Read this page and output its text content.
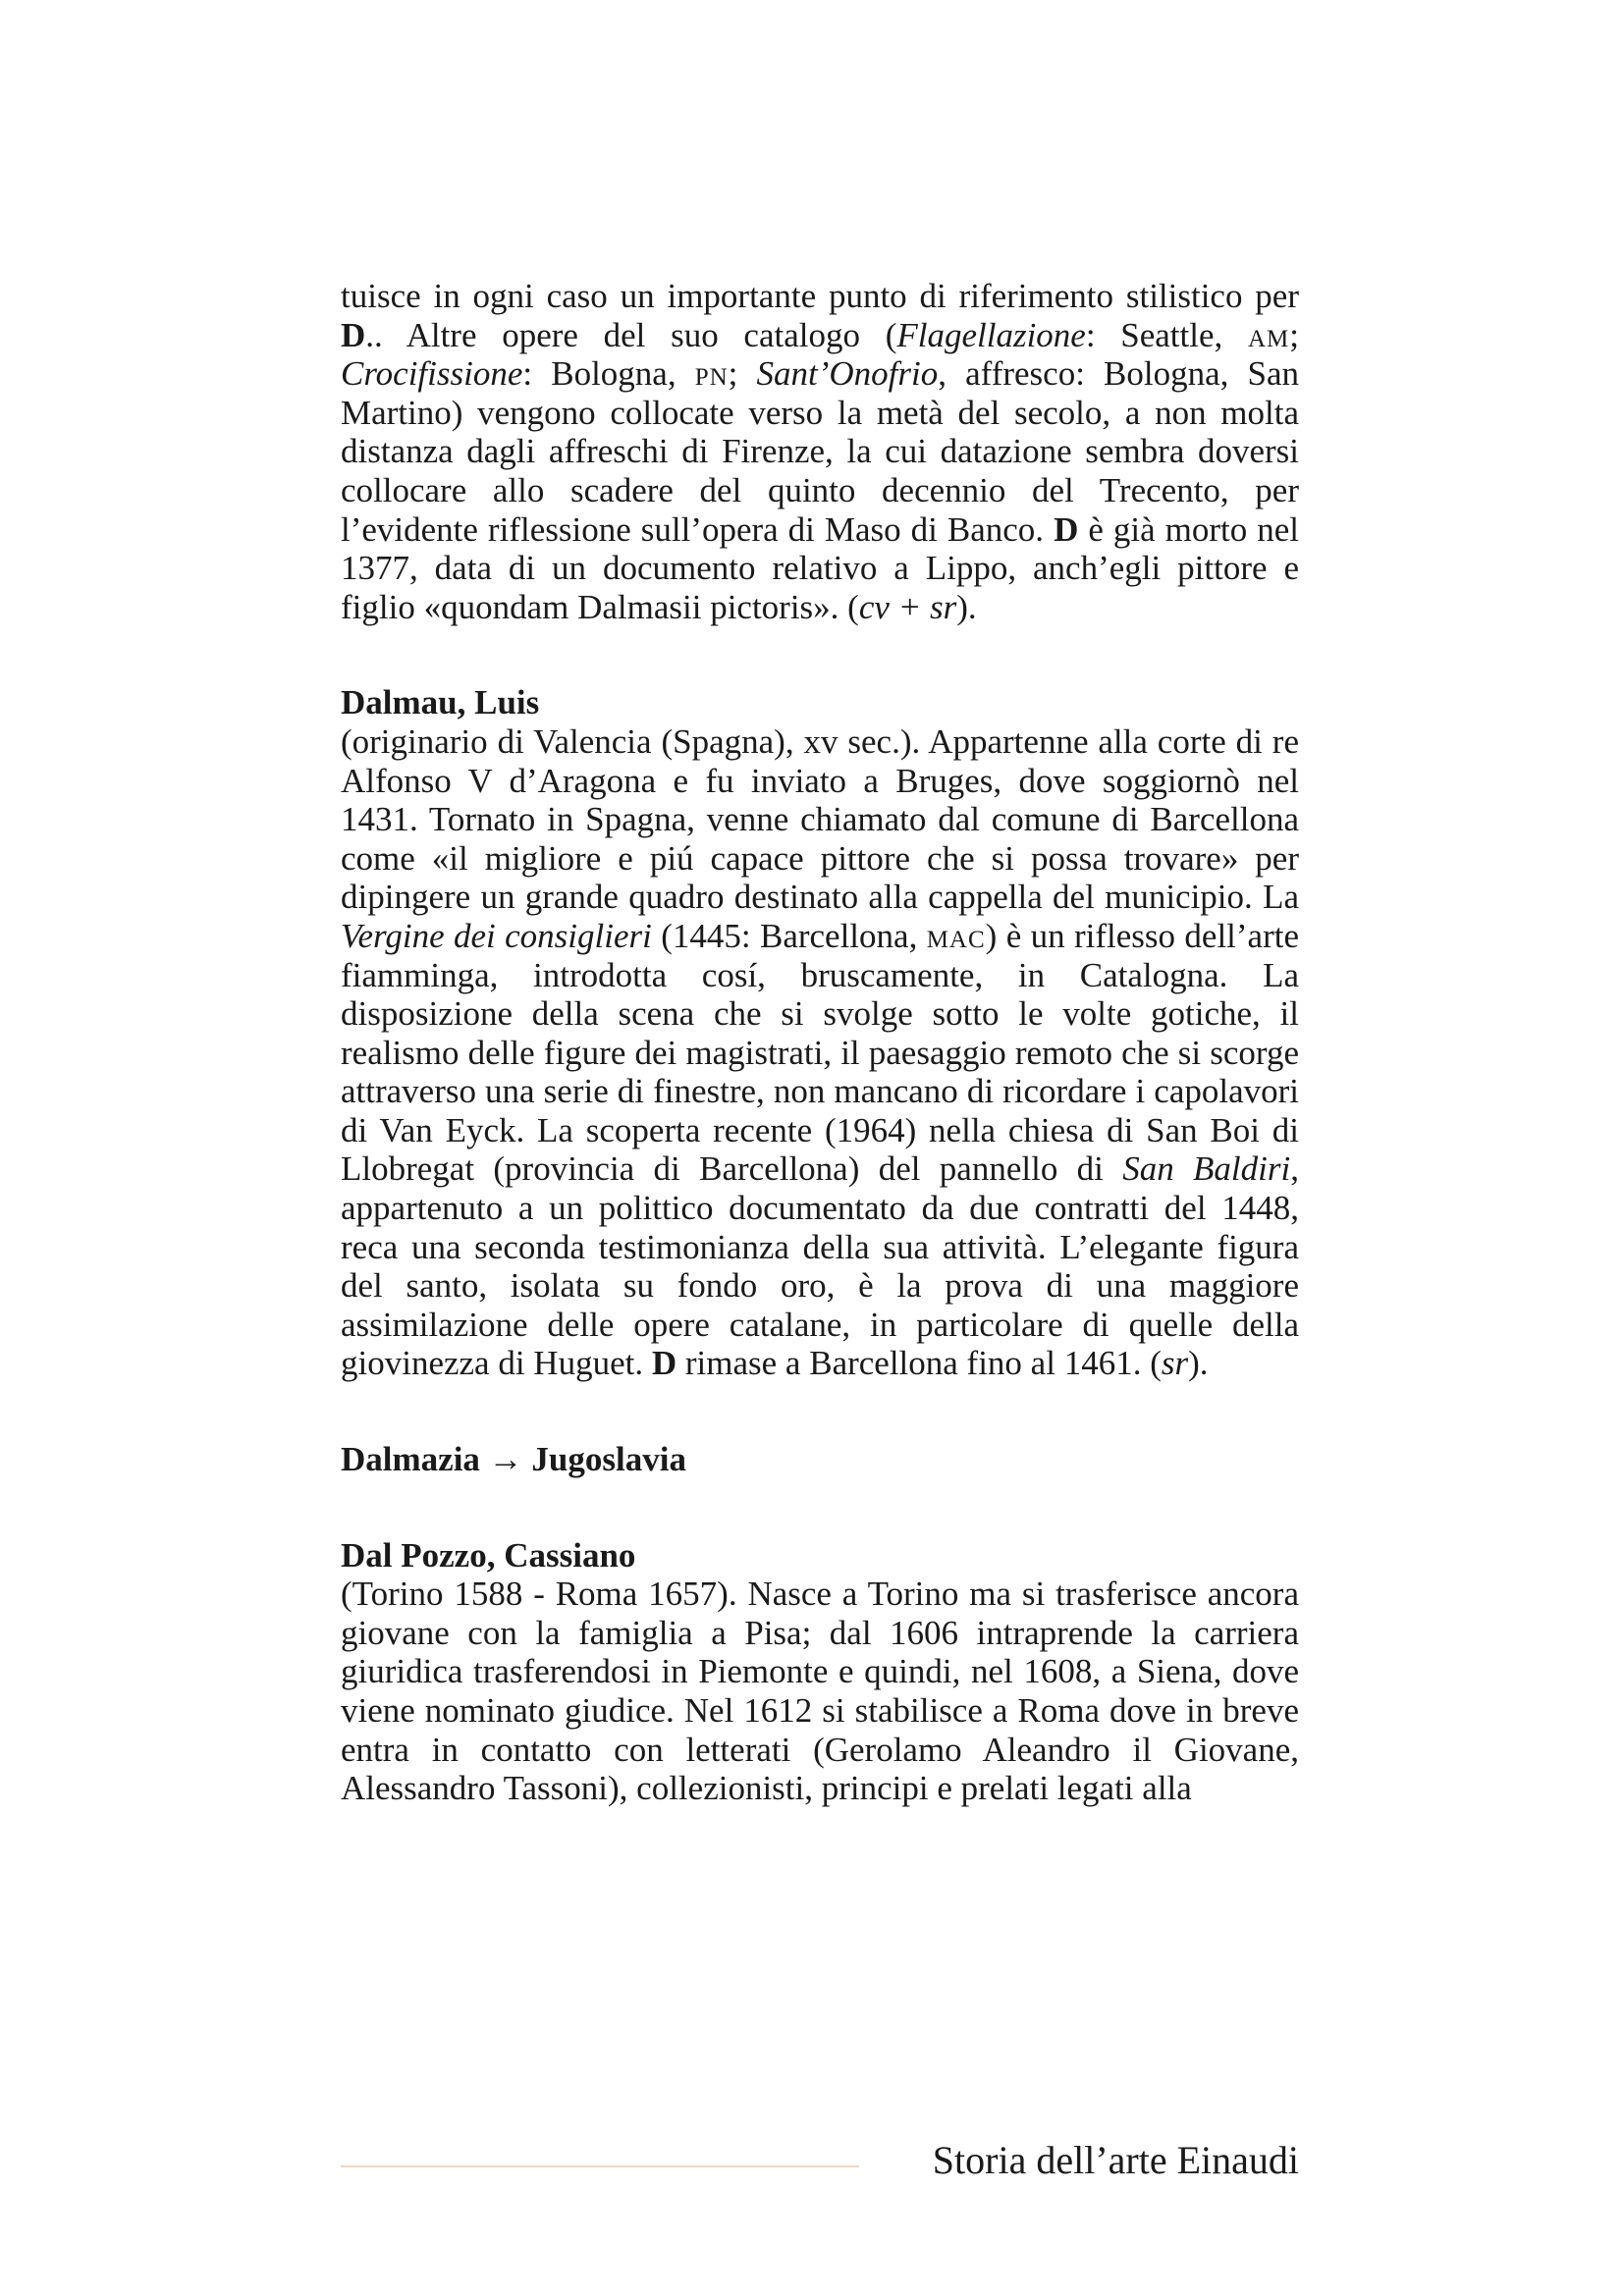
tuisce in ogni caso un importante punto di riferimento stilistico per D.. Altre opere del suo catalogo (Flagellazione: Seattle, am; Crocifissione: Bologna, pn; Sant’Onofrio, affresco: Bologna, San Martino) vengono collocate verso la metà del secolo, a non molta distanza dagli affreschi di Firenze, la cui datazione sembra doversi collocare allo scadere del quinto decennio del Trecento, per l’evidente riflessione sull’opera di Maso di Banco. D è già morto nel 1377, data di un documento relativo a Lippo, anch’egli pittore e figlio «quondam Dalmasii pictoris». (cv + sr).

Dalmau, Luis

(originario di Valencia (Spagna), xv sec.). Appartenne alla corte di re Alfonso V d’Aragona e fu inviato a Bruges, dove soggiornò nel 1431. Tornato in Spagna, venne chiamato dal comune di Barcellona come «il migliore e piú capace pittore che si possa trovare» per dipingere un grande quadro destinato alla cappella del municipio. La Vergine dei consiglieri (1445: Barcellona, mac) è un riflesso dell’arte fiamminga, introdotta cosí, bruscamente, in Catalogna. La disposizione della scena che si svolge sotto le volte gotiche, il realismo delle figure dei magistrati, il paesaggio remoto che si scorge attraverso una serie di finestre, non mancano di ricordare i capolavori di Van Eyck. La scoperta recente (1964) nella chiesa di San Boi di Llobregat (provincia di Barcellona) del pannello di San Baldiri, appartenuto a un polittico documentato da due contratti del 1448, reca una seconda testimonianza della sua attività. L’elegante figura del santo, isolata su fondo oro, è la prova di una maggiore assimilazione delle opere catalane, in particolare di quelle della giovinezza di Huguet. D rimase a Barcellona fino al 1461. (sr).

Dalmazia → Jugoslavia
Dal Pozzo, Cassiano

(Torino 1588 - Roma 1657). Nasce a Torino ma si trasferisce ancora giovane con la famiglia a Pisa; dal 1606 intraprende la carriera giuridica trasferendosi in Piemonte e quindi, nel 1608, a Siena, dove viene nominato giudice. Nel 1612 si stabilisce a Roma dove in breve entra in contatto con letterati (Gerolamo Aleandro il Giovane, Alessandro Tassoni), collezionisti, principi e prelati legati alla

Storia dell’arte Einaudi
